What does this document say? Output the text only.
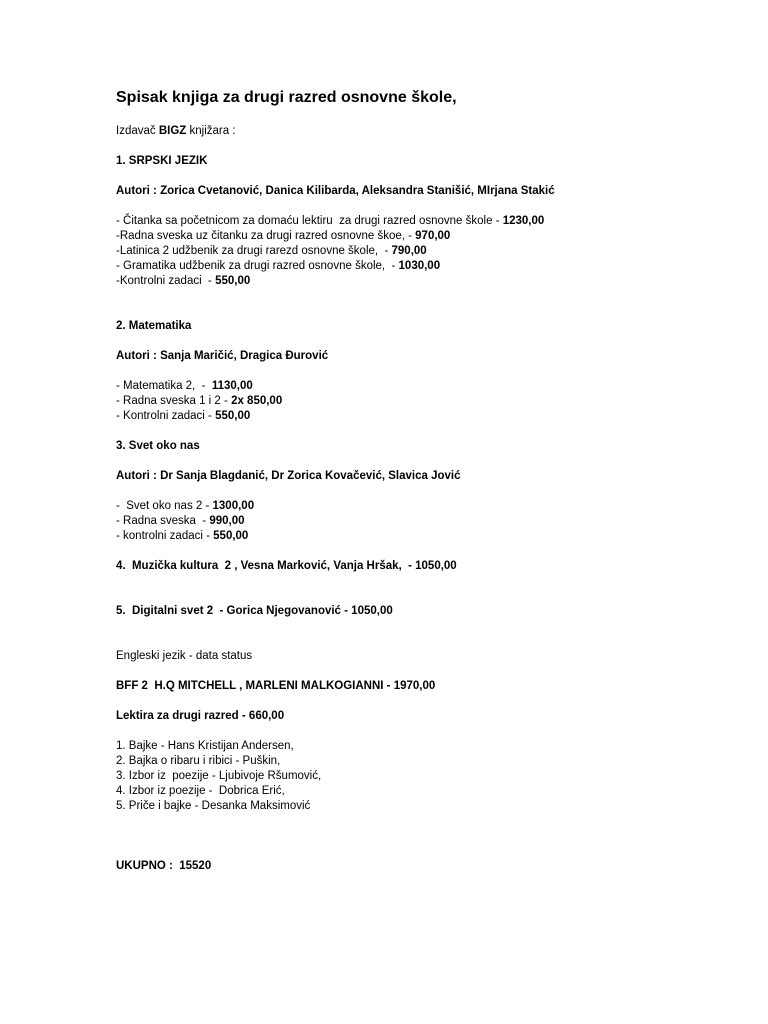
Spisak knjiga za drugi razred osnovne škole,

Izdavač BIGZ knjižara :

1. SRPSKI JEZIK

Autori : Zorica Cvetanović, Danica Kilibarda, Aleksandra Stanišić, MIrjana Stakić

- Čitanka sa početnicom za domaću lektiru  za drugi razred osnovne škole - 1230,00

-Radna sveska uz čitanku za drugi razred osnovne škoe, - 970,00

-Latinica 2 udžbenik za drugi rarezd osnovne škole,  - 790,00

- Gramatika udžbenik za drugi razred osnovne škole,  - 1030,00

-Kontrolni zadaci  - 550,00

2. Matematika

Autori : Sanja Maričić, Dragica Đurović

- Matematika 2,  -  1130,00

- Radna sveska 1 i 2 - 2x 850,00

- Kontrolni zadaci - 550,00

3. Svet oko nas

Autori : Dr Sanja Blagdanić, Dr Zorica Kovačević, Slavica Jović

-  Svet oko nas 2 - 1300,00

- Radna sveska  - 990,00

- kontrolni zadaci - 550,00

4.  Muzička kultura  2 , Vesna Marković, Vanja Hršak,  - 1050,00

5.  Digitalni svet 2  - Gorica Njegovanović - 1050,00

Engleski jezik - data status

BFF 2  H.Q MITCHELL , MARLENI MALKOGIANNI - 1970,00

Lektira za drugi razred - 660,00

1. Bajke - Hans Kristijan Andersen,

2. Bajka o ribaru i ribici - Puškin,

3. Izbor iz  poezije - Ljubivoje Ršumović,

4. Izbor iz poezije -  Dobrica Erić,

5. Priče i bajke - Desanka Maksimović

UKUPNO :  15520
